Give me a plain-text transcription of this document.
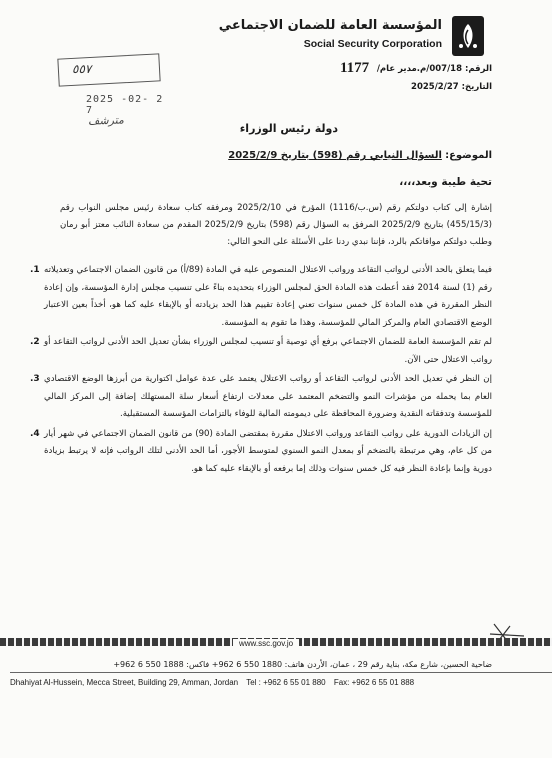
المؤسسة العامة للضمان الاجتماعي
Social Security Corporation
1177 الرقم: 007/18/م.مدير عام/
التاريخ: 2025/2/27
٥٥٧
2025 -02- 2 7
مترشف
دولة رئيس الوزراء
الموضوع: السؤال النيابي رقم (598) بتاريخ 2025/2/9
تحية طيبة وبعد،،،،
إشارة إلى كتاب دولتكم رقم (س.ب/1116) المؤرخ في 2025/2/10 ومرفقه كتاب سعادة رئيس مجلس النواب رقم (455/15/3) بتاريخ 2025/2/9 المرفق به السؤال رقم (598) بتاريخ 2025/2/9 المقدم من سعادة النائب معتز أبو رمان وطلب دولتكم موافاتكم بالرد، فإننا نبدي ردنا على الأسئلة على النحو التالي:
1. فيما يتعلق بالحد الأدنى لرواتب التقاعد ورواتب الاعتلال المنصوص عليه في المادة (89/أ) من قانون الضمان الاجتماعي وتعديلاته رقم (1) لسنة 2014 فقد أعطت هذه المادة الحق لمجلس الوزراء بتحديده بناءً على تنسيب مجلس إدارة المؤسسة، وإن إعادة النظر المقررة في هذه المادة كل خمس سنوات تعني إعادة تقييم هذا الحد بزيادته أو بالإبقاء عليه كما هو، أخذاً بعين الاعتبار الوضع الاقتصادي العام والمركز المالي للمؤسسة، وهذا ما تقوم به المؤسسة.
2. لم تقم المؤسسة العامة للضمان الاجتماعي برفع أي توصية أو تنسيب لمجلس الوزراء بشأن تعديل الحد الأدنى لرواتب التقاعد أو رواتب الاعتلال حتى الآن.
3. إن النظر في تعديل الحد الأدنى لرواتب التقاعد أو رواتب الاعتلال يعتمد على عدة عوامل اكتوارية من أبرزها الوضع الاقتصادي العام بما يحمله من مؤشرات النمو والتضخم المعتمد على معدلات ارتفاع أسعار سلة المستهلك إضافة إلى المركز المالي للمؤسسة وتدفقاته النقدية وضرورة المحافظة على ديمومته المالية للوفاء بالتزامات المؤسسة المستقبلية.
4. إن الزيادات الدورية على رواتب التقاعد ورواتب الاعتلال مقررة بمقتضى المادة (90) من قانون الضمان الاجتماعي في شهر أيار من كل عام، وهي مرتبطة بالتضخم أو بمعدل النمو السنوي لمتوسط الأجور، أما الحد الأدنى لتلك الرواتب فإنه لا يرتبط بزيادة دورية وإنما بإعادة النظر فيه كل خمس سنوات وذلك إما برفعه أو بالإبقاء عليه كما هو.
www.ssc.gov.jo
ضاحية الحسين، شارع مكة، بناية رقم 29 ، عمان، الأردن هاتف: 1880 550 6 962+ فاكس: 1888 550 6 962+
Dhahiyat Al-Hussein, Mecca Street, Building 29, Amman, Jordan Tel : +962 6 55 01 880 Fax: +962 6 55 01 888
